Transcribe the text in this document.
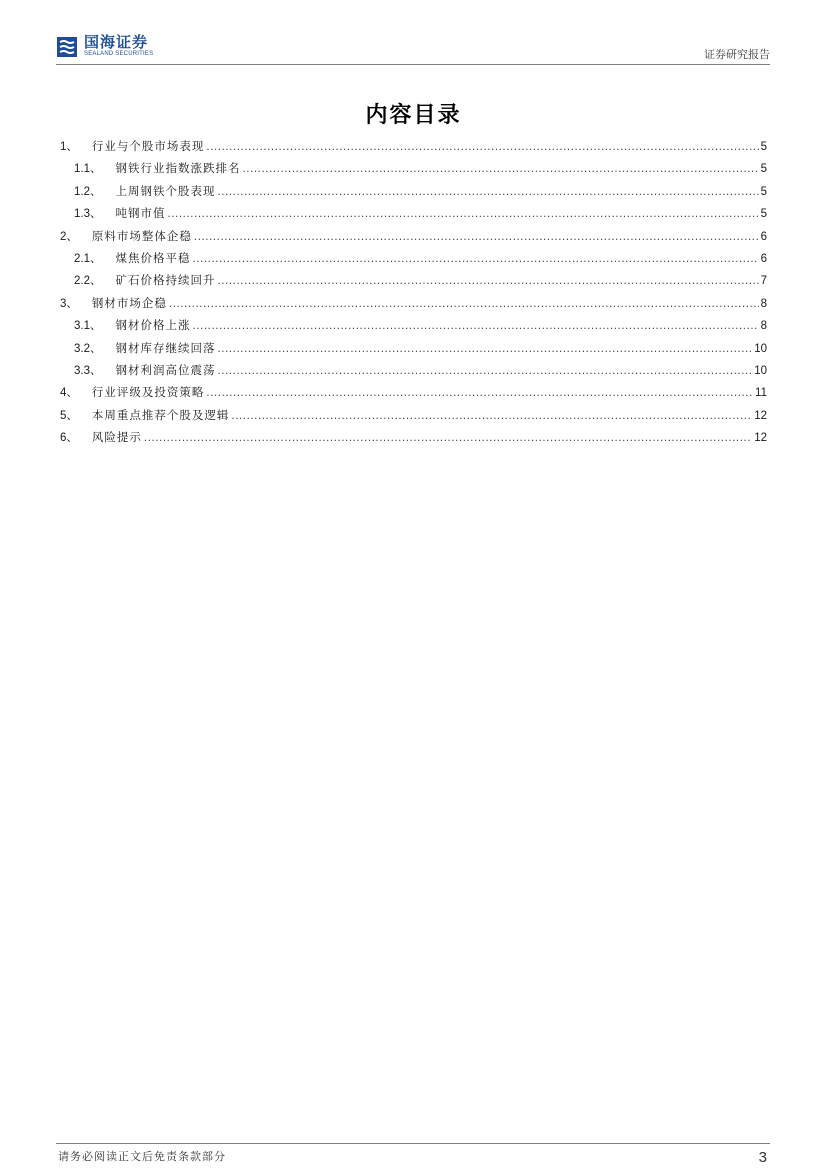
国海证券
SEALAND SECURITIES	证券研究报告
内容目录
1、 行业与个股市场表现 .....	5
1.1、 钢铁行业指数涨跌排名 .....	5
1.2、 上周钢铁个股表现 .....	5
1.3、 吨钢市值 .....	5
2、 原料市场整体企稳 .....	6
2.1、 煤焦价格平稳 .....	6
2.2、 矿石价格持续回升 .....	7
3、 钢材市场企稳 .....	8
3.1、 钢材价格上涨 .....	8
3.2、 钢材库存继续回落 .....	10
3.3、 钢材利润高位震荡 .....	10
4、 行业评级及投资策略 .....	11
5、 本周重点推荐个股及逻辑 .....	12
6、 风险提示 .....	12
请务必阅读正文后免责条款部分	3
